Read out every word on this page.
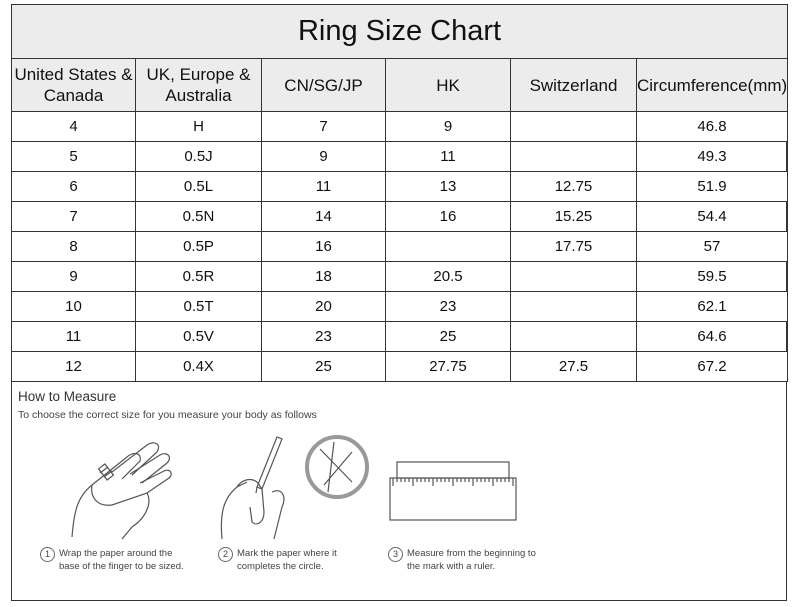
Ring Size Chart					
United States & Canada	UK, Europe & Australia	CN/SG/JP	HK	Switzerland	Circumference(mm)
4	H	7	9		46.8
5	0.5J	9	11		49.3
6	0.5L	11	13	12.75	51.9
7	0.5N	14	16	15.25	54.4
8	0.5P	16		17.75	57
9	0.5R	18	20.5		59.5
10	0.5T	20	23		62.1
11	0.5V	23	25		64.6
12	0.4X	25	27.75	27.5	67.2
How to Measure
To choose the correct size for you measure your body as follows
1 Wrap the paper around the
base of the finger to be sized.
2 Mark the paper where it
completes the circle.
3 Measure from the beginning to
the mark with a ruler.
